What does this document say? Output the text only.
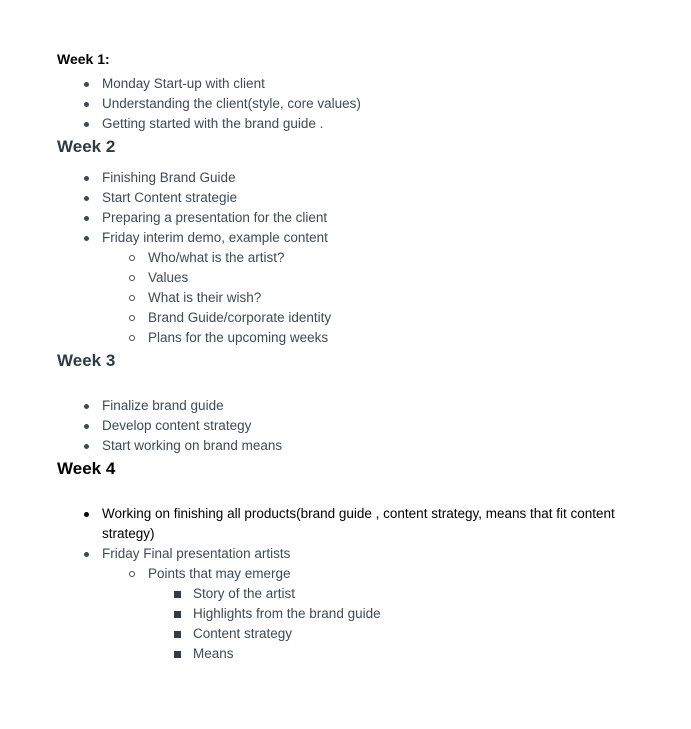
Week 1:
Monday Start-up with client
Understanding the client(style, core values)
Getting started with the brand guide .
Week 2
Finishing Brand Guide
Start Content strategie
Preparing a presentation for the client
Friday interim demo, example content
Who/what is the artist?
Values
What is their wish?
Brand Guide/corporate identity
Plans for the upcoming weeks
Week 3
Finalize brand guide
Develop content strategy
Start working on brand means
Week 4
Working on finishing all products(brand guide , content strategy, means that fit content strategy)
Friday Final presentation artists
Points that may emerge
Story of the artist
Highlights from the brand guide
Content strategy
Means
